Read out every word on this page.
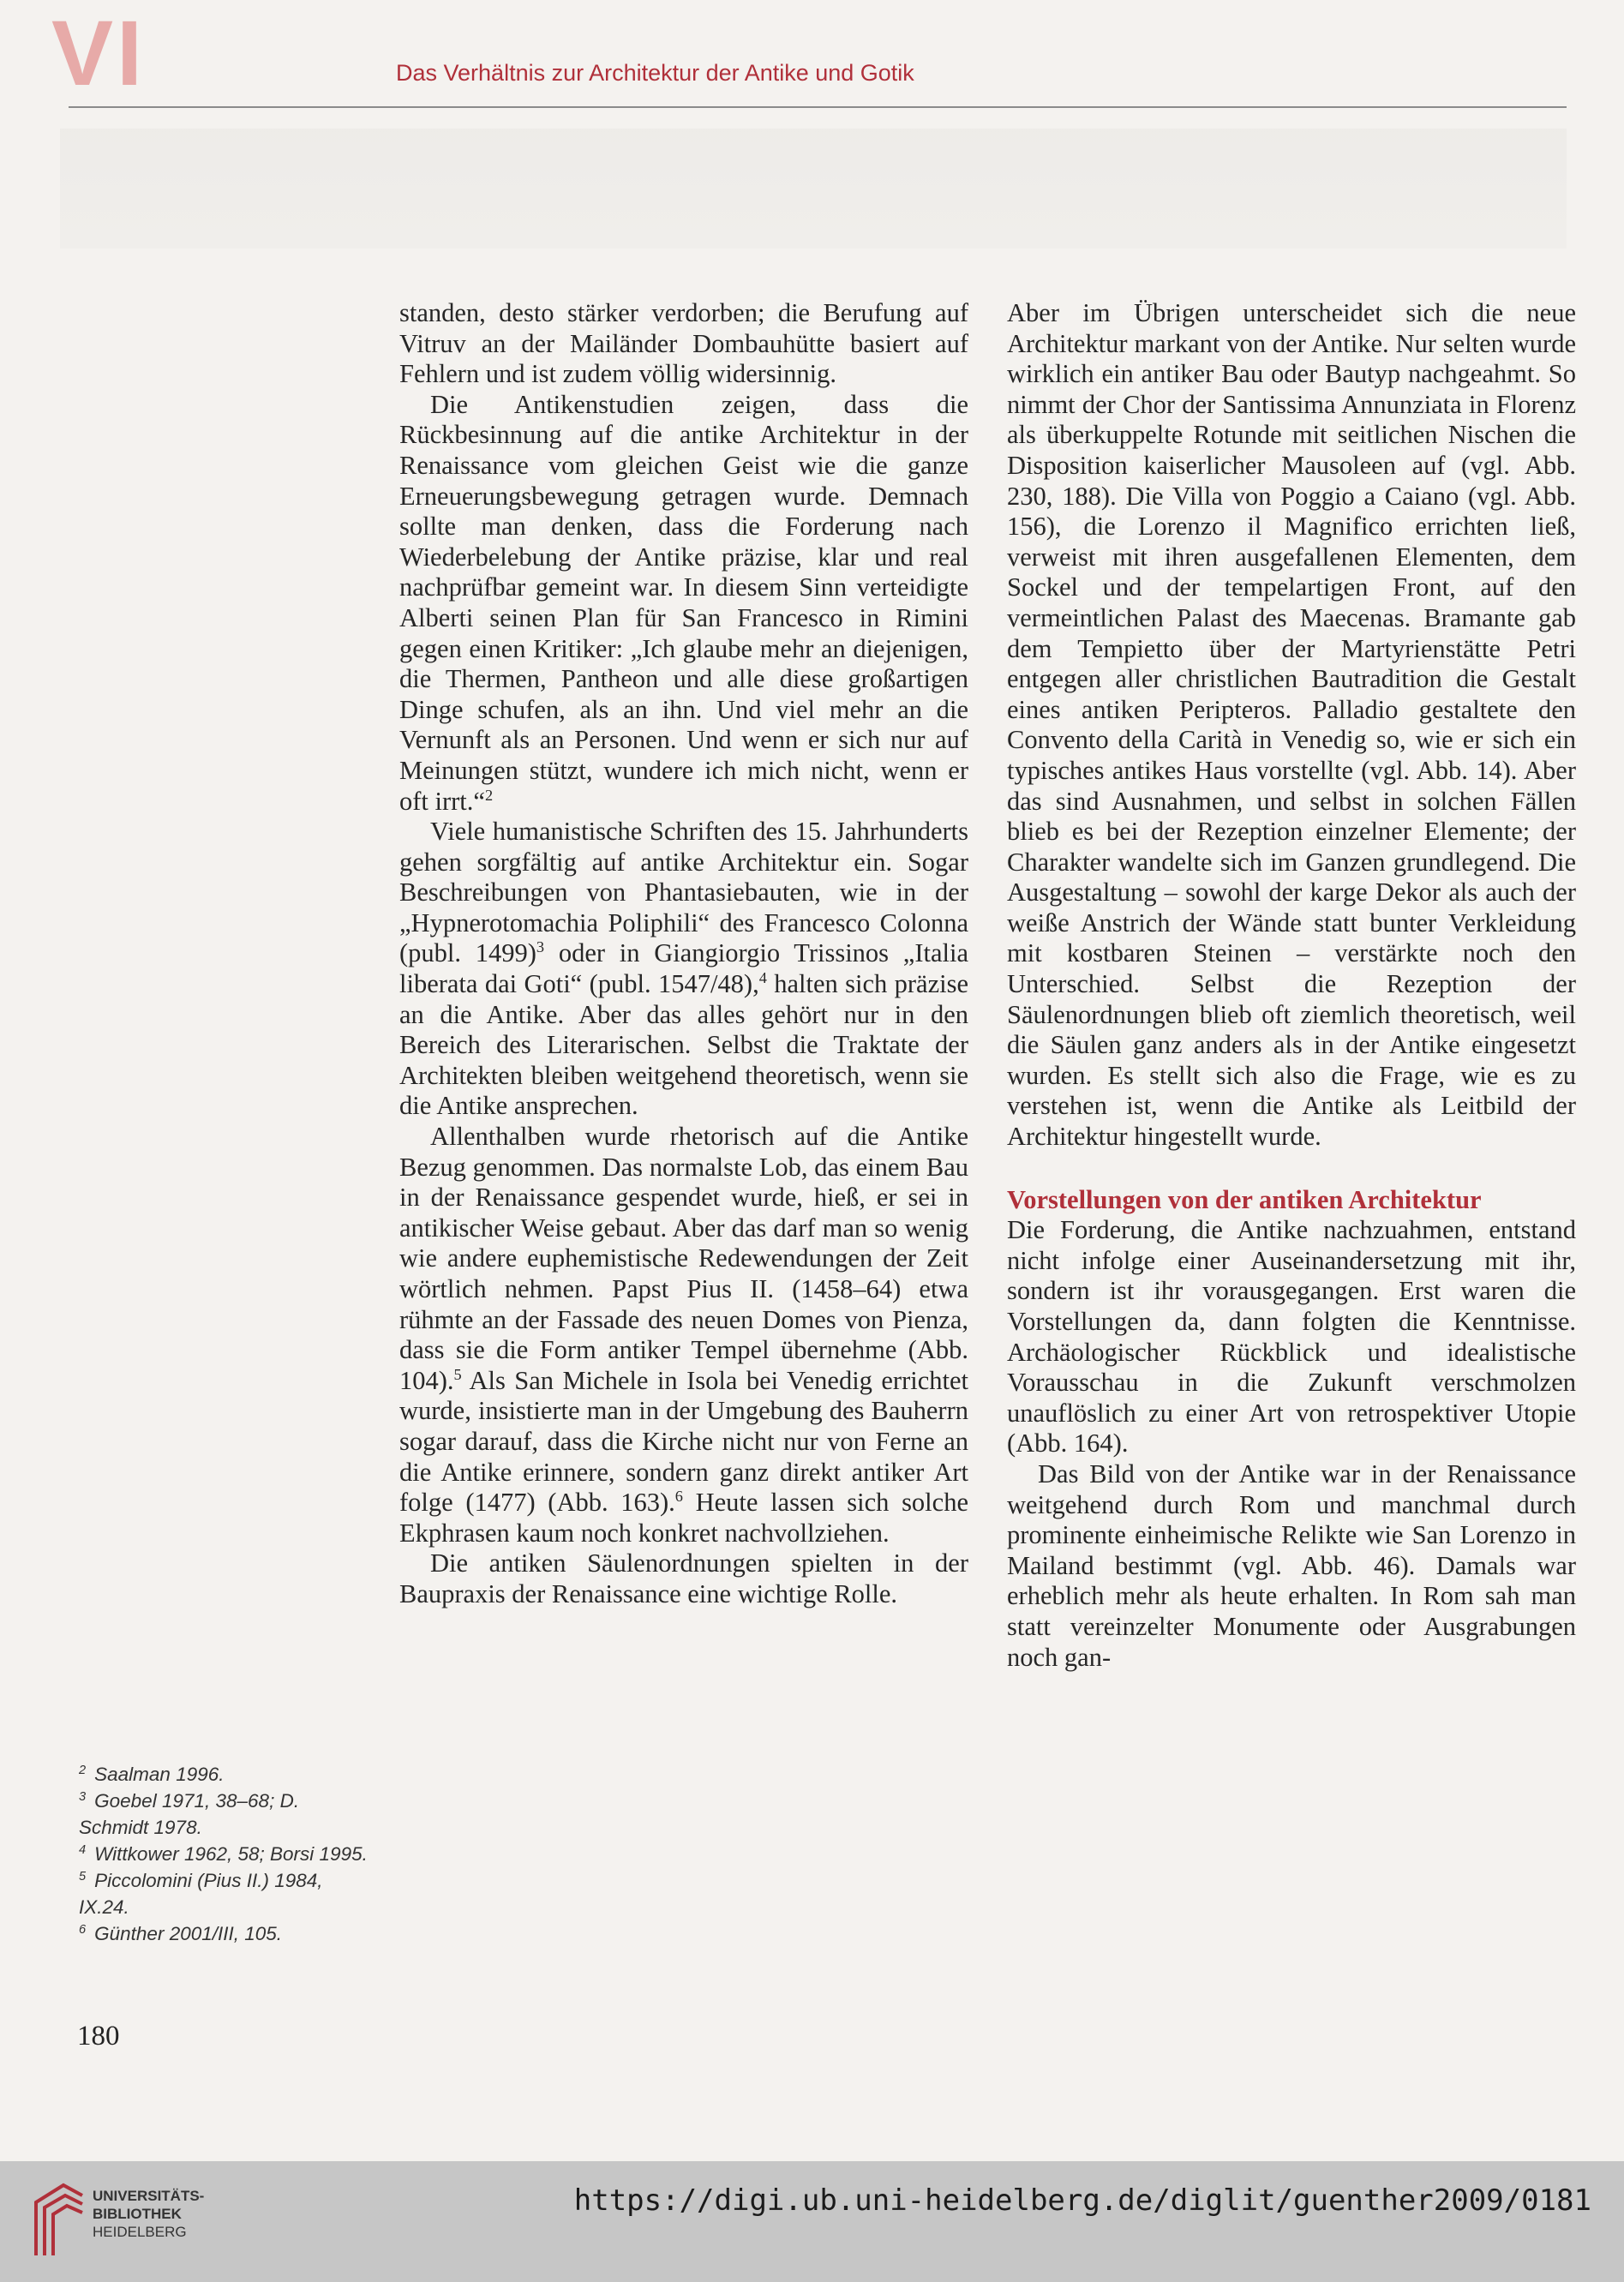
VI	Das Verhältnis zur Architektur der Antike und Gotik

standen, desto stärker verdorben; die Berufung auf Vitruv an der Mailänder Dombauhütte basiert auf Fehlern und ist zudem völlig widersinnig.

Die Antikenstudien zeigen, dass die Rückbesinnung auf die antike Architektur in der Renaissance vom gleichen Geist wie die ganze Erneuerungsbewegung getragen wurde. Demnach sollte man denken, dass die Forderung nach Wiederbelebung der Antike präzise, klar und real nachprüfbar gemeint war. In diesem Sinn verteidigte Alberti seinen Plan für San Francesco in Rimini gegen einen Kritiker: „Ich glaube mehr an diejenigen, die Thermen, Pantheon und alle diese großartigen Dinge schufen, als an ihn. Und viel mehr an die Vernunft als an Personen. Und wenn er sich nur auf Meinungen stützt, wundere ich mich nicht, wenn er oft irrt.“$^2$

Viele humanistische Schriften des 15. Jahrhunderts gehen sorgfältig auf antike Architektur ein. Sogar Beschreibungen von Phantasiebauten, wie in der „Hypnerotomachia Poliphili“ des Francesco Colonna (publ. 1499)$^3$ oder in Giangiorgio Trissinos „Italia liberata dai Goti“ (publ. 1547/48),$^4$ halten sich präzise an die Antike. Aber das alles gehört nur in den Bereich des Literarischen. Selbst die Traktate der Architekten bleiben weitgehend theoretisch, wenn sie die Antike ansprechen.

Allenthalben wurde rhetorisch auf die Antike Bezug genommen. Das normalste Lob, das einem Bau in der Renaissance gespendet wurde, hieß, er sei in antikischer Weise gebaut. Aber das darf man so wenig wie andere euphemistische Redewendungen der Zeit wörtlich nehmen. Papst Pius II. (1458–64) etwa rühmte an der Fassade des neuen Domes von Pienza, dass sie die Form antiker Tempel übernehme (Abb. 104).$^5$ Als San Michele in Isola bei Venedig errichtet wurde, insistierte man in der Umgebung des Bauherrn sogar darauf, dass die Kirche nicht nur von Ferne an die Antike erinnere, sondern ganz direkt antiker Art folge (1477) (Abb. 163).$^6$ Heute lassen sich solche Ekphrasen kaum noch konkret nachvollziehen.

Die antiken Säulenordnungen spielten in der Baupraxis der Renaissance eine wichtige Rolle.

Aber im Übrigen unterscheidet sich die neue Architektur markant von der Antike. Nur selten wurde wirklich ein antiker Bau oder Bautyp nachgeahmt. So nimmt der Chor der Santissima Annunziata in Florenz als überkuppelte Rotunde mit seitlichen Nischen die Disposition kaiserlicher Mausoleen auf (vgl. Abb. 230, 188). Die Villa von Poggio a Caiano (vgl. Abb. 156), die Lorenzo il Magnifico errichten ließ, verweist mit ihren ausgefallenen Elementen, dem Sockel und der tempelartigen Front, auf den vermeintlichen Palast des Maecenas. Bramante gab dem Tempietto über der Martyrienstätte Petri entgegen aller christlichen Bautradition die Gestalt eines antiken Peripteros. Palladio gestaltete den Convento della Carità in Venedig so, wie er sich ein typisches antikes Haus vorstellte (vgl. Abb. 14). Aber das sind Ausnahmen, und selbst in solchen Fällen blieb es bei der Rezeption einzelner Elemente; der Charakter wandelte sich im Ganzen grundlegend. Die Ausgestaltung – sowohl der karge Dekor als auch der weiße Anstrich der Wände statt bunter Verkleidung mit kostbaren Steinen – verstärkte noch den Unterschied. Selbst die Rezeption der Säulenordnungen blieb oft ziemlich theoretisch, weil die Säulen ganz anders als in der Antike eingesetzt wurden. Es stellt sich also die Frage, wie es zu verstehen ist, wenn die Antike als Leitbild der Architektur hingestellt wurde.

Vorstellungen von der antiken Architektur

Die Forderung, die Antike nachzuahmen, entstand nicht infolge einer Auseinandersetzung mit ihr, sondern ist ihr vorausgegangen. Erst waren die Vorstellungen da, dann folgten die Kenntnisse. Archäologischer Rückblick und idealistische Vorausschau in die Zukunft verschmolzen unauflöslich zu einer Art von retrospektiver Utopie (Abb. 164).

Das Bild von der Antike war in der Renaissance weitgehend durch Rom und manchmal durch prominente einheimische Relikte wie San Lorenzo in Mailand bestimmt (vgl. Abb. 46). Damals war erheblich mehr als heute erhalten. In Rom sah man statt vereinzelter Monumente oder Ausgrabungen noch gan-

$^2$ Saalman 1996.

$^3$ Goebel 1971, 38–68; D. Schmidt 1978.

$^4$ Wittkower 1962, 58; Borsi 1995.

$^5$ Piccolomini (Pius II.) 1984, IX.24.

$^6$ Günther 2001/III, 105.

180
UNIVERSITÄTS-
BIBLIOTHEK
HEIDELBERG
https://digi.ub.uni-heidelberg.de/diglit/guenther2009/0181
